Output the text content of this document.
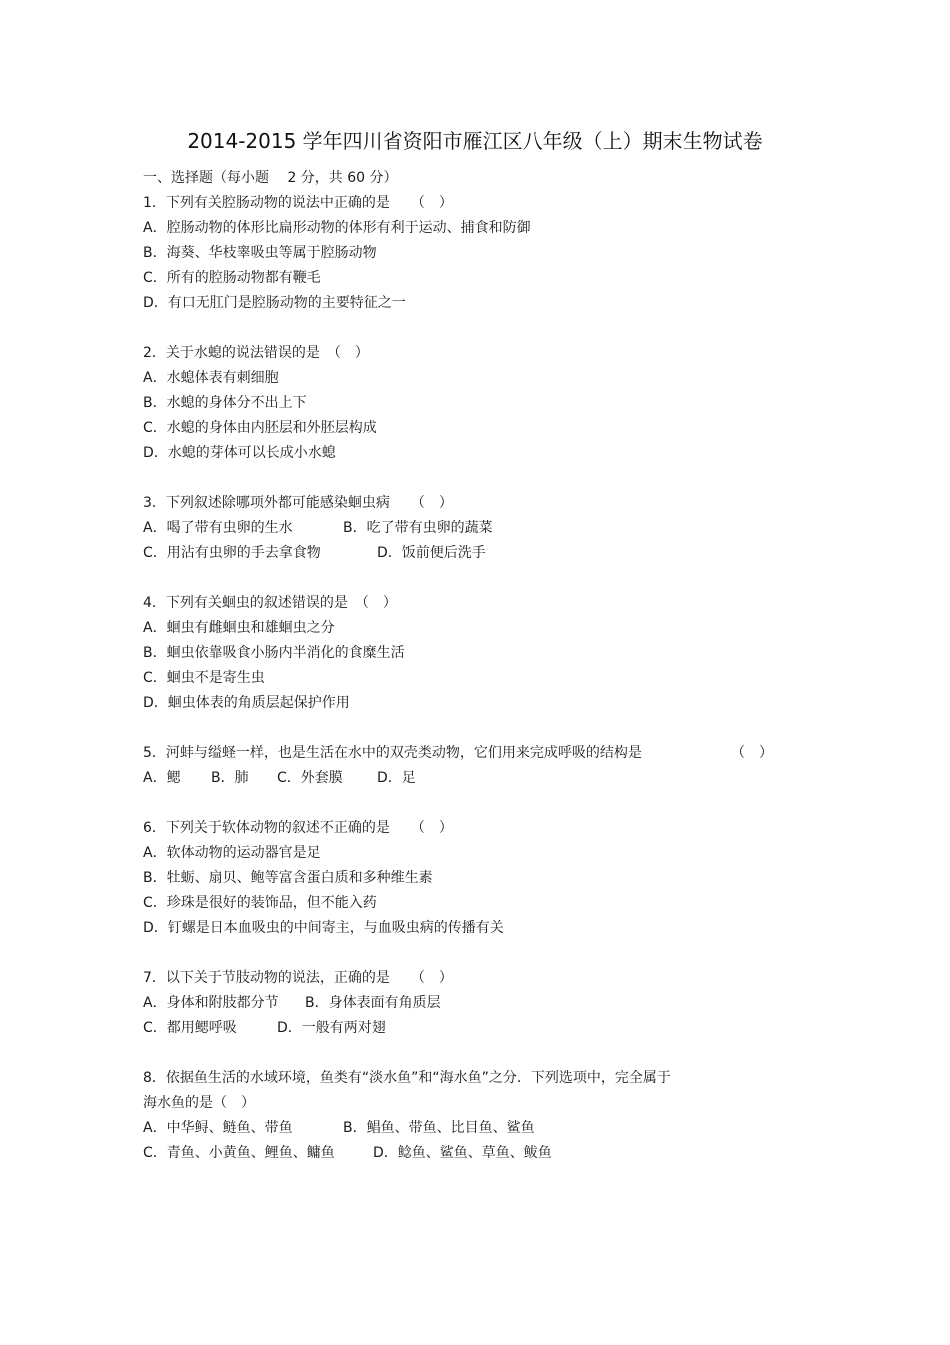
2014-2015 学年四川省资阳市雁江区八年级（上）期末生物试卷
一、选择题（每小题　 2 分，共 60 分）
1．下列有关腔肠动物的说法中正确的是　　（　）
A．腔肠动物的体形比扁形动物的体形有利于运动、捕食和防御
B．海葵、华枝睾吸虫等属于腔肠动物
C．所有的腔肠动物都有鞭毛
D．有口无肛门是腔肠动物的主要特征之一
2．关于水螅的说法错误的是　（　）
A．水螅体表有刺细胞
B．水螅的身体分不出上下
C．水螅的身体由内胚层和外胚层构成
D．水螅的芽体可以长成小水螅
3．下列叙述除哪项外都可能感染蛔虫病　　（　）
A．喝了带有虫卵的生水	B．吃了带有虫卵的蔬菜
C．用沾有虫卵的手去拿食物	D．饭前便后洗手
4．下列有关蛔虫的叙述错误的是　（　）
A．蛔虫有雌蛔虫和雄蛔虫之分
B．蛔虫依靠吸食小肠内半消化的食糜生活
C．蛔虫不是寄生虫
D．蛔虫体表的角质层起保护作用
5．河蚌与缢蛏一样，也是生活在水中的双壳类动物，它们用来完成呼吸的结构是	（　）
A．鳃 B．肺 C．外套膜 D．足
6．下列关于软体动物的叙述不正确的是　　（　）
A．软体动物的运动器官是足
B．牡蛎、扇贝、鲍等富含蛋白质和多种维生素
C．珍珠是很好的装饰品，但不能入药
D．钉螺是日本血吸虫的中间寄主，与血吸虫病的传播有关
7．以下关于节肢动物的说法，正确的是　　（　）
A．身体和附肢都分节 B．身体表面有角质层
C．都用鳃呼吸	D．一般有两对翅
8．依据鱼生活的水域环境，鱼类有“淡水鱼”和“海水鱼”之分．下列选项中，完全属于
海水鱼的是（　）
A．中华鲟、鲢鱼、带鱼	B．鲳鱼、带鱼、比目鱼、鲨鱼
C．青鱼、小黄鱼、鲤鱼、鳙鱼	D．鲶鱼、鲨鱼、草鱼、鲅鱼
